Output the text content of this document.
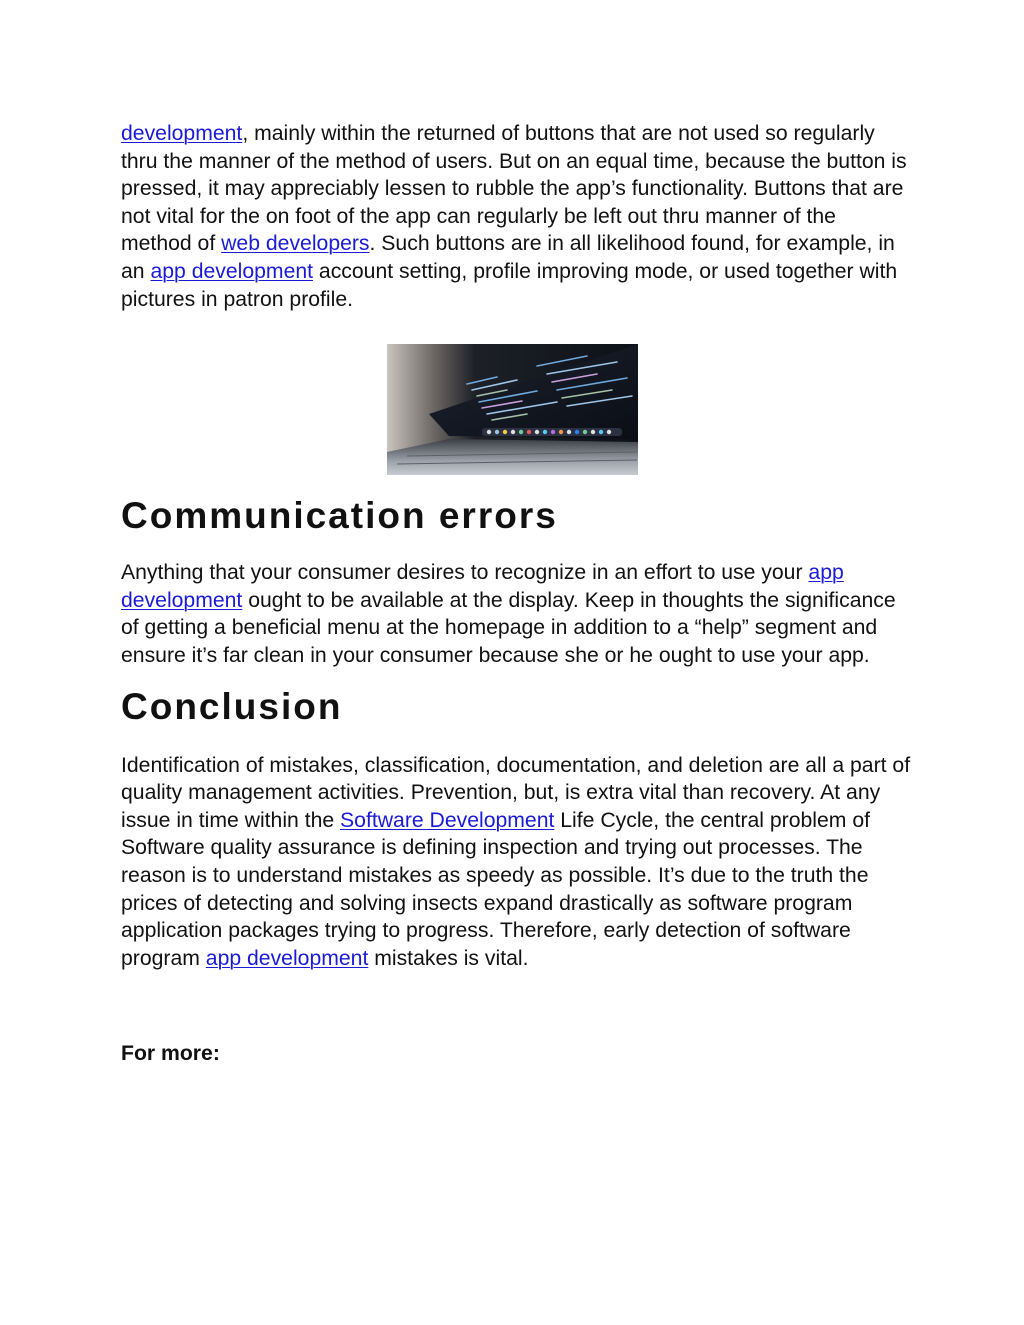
development, mainly within the returned of buttons that are not used so regularly thru the manner of the method of users. But on an equal time, because the button is pressed, it may appreciably lessen to rubble the app’s functionality. Buttons that are not vital for the on foot of the app can regularly be left out thru manner of the method of web developers. Such buttons are in all likelihood found, for example, in an app development account setting, profile improving mode, or used together with pictures in patron profile.

Communication errors

Anything that your consumer desires to recognize in an effort to use your app development ought to be available at the display. Keep in thoughts the significance of getting a beneficial menu at the homepage in addition to a “help” segment and ensure it’s far clean in your consumer because she or he ought to use your app.

Conclusion

Identification of mistakes, classification, documentation, and deletion are all a part of quality management activities. Prevention, but, is extra vital than recovery. At any issue in time within the Software Development Life Cycle, the central problem of Software quality assurance is defining inspection and trying out processes. The reason is to understand mistakes as speedy as possible. It’s due to the truth the prices of detecting and solving insects expand drastically as software program application packages trying to progress. Therefore, early detection of software program app development mistakes is vital.

For more:
